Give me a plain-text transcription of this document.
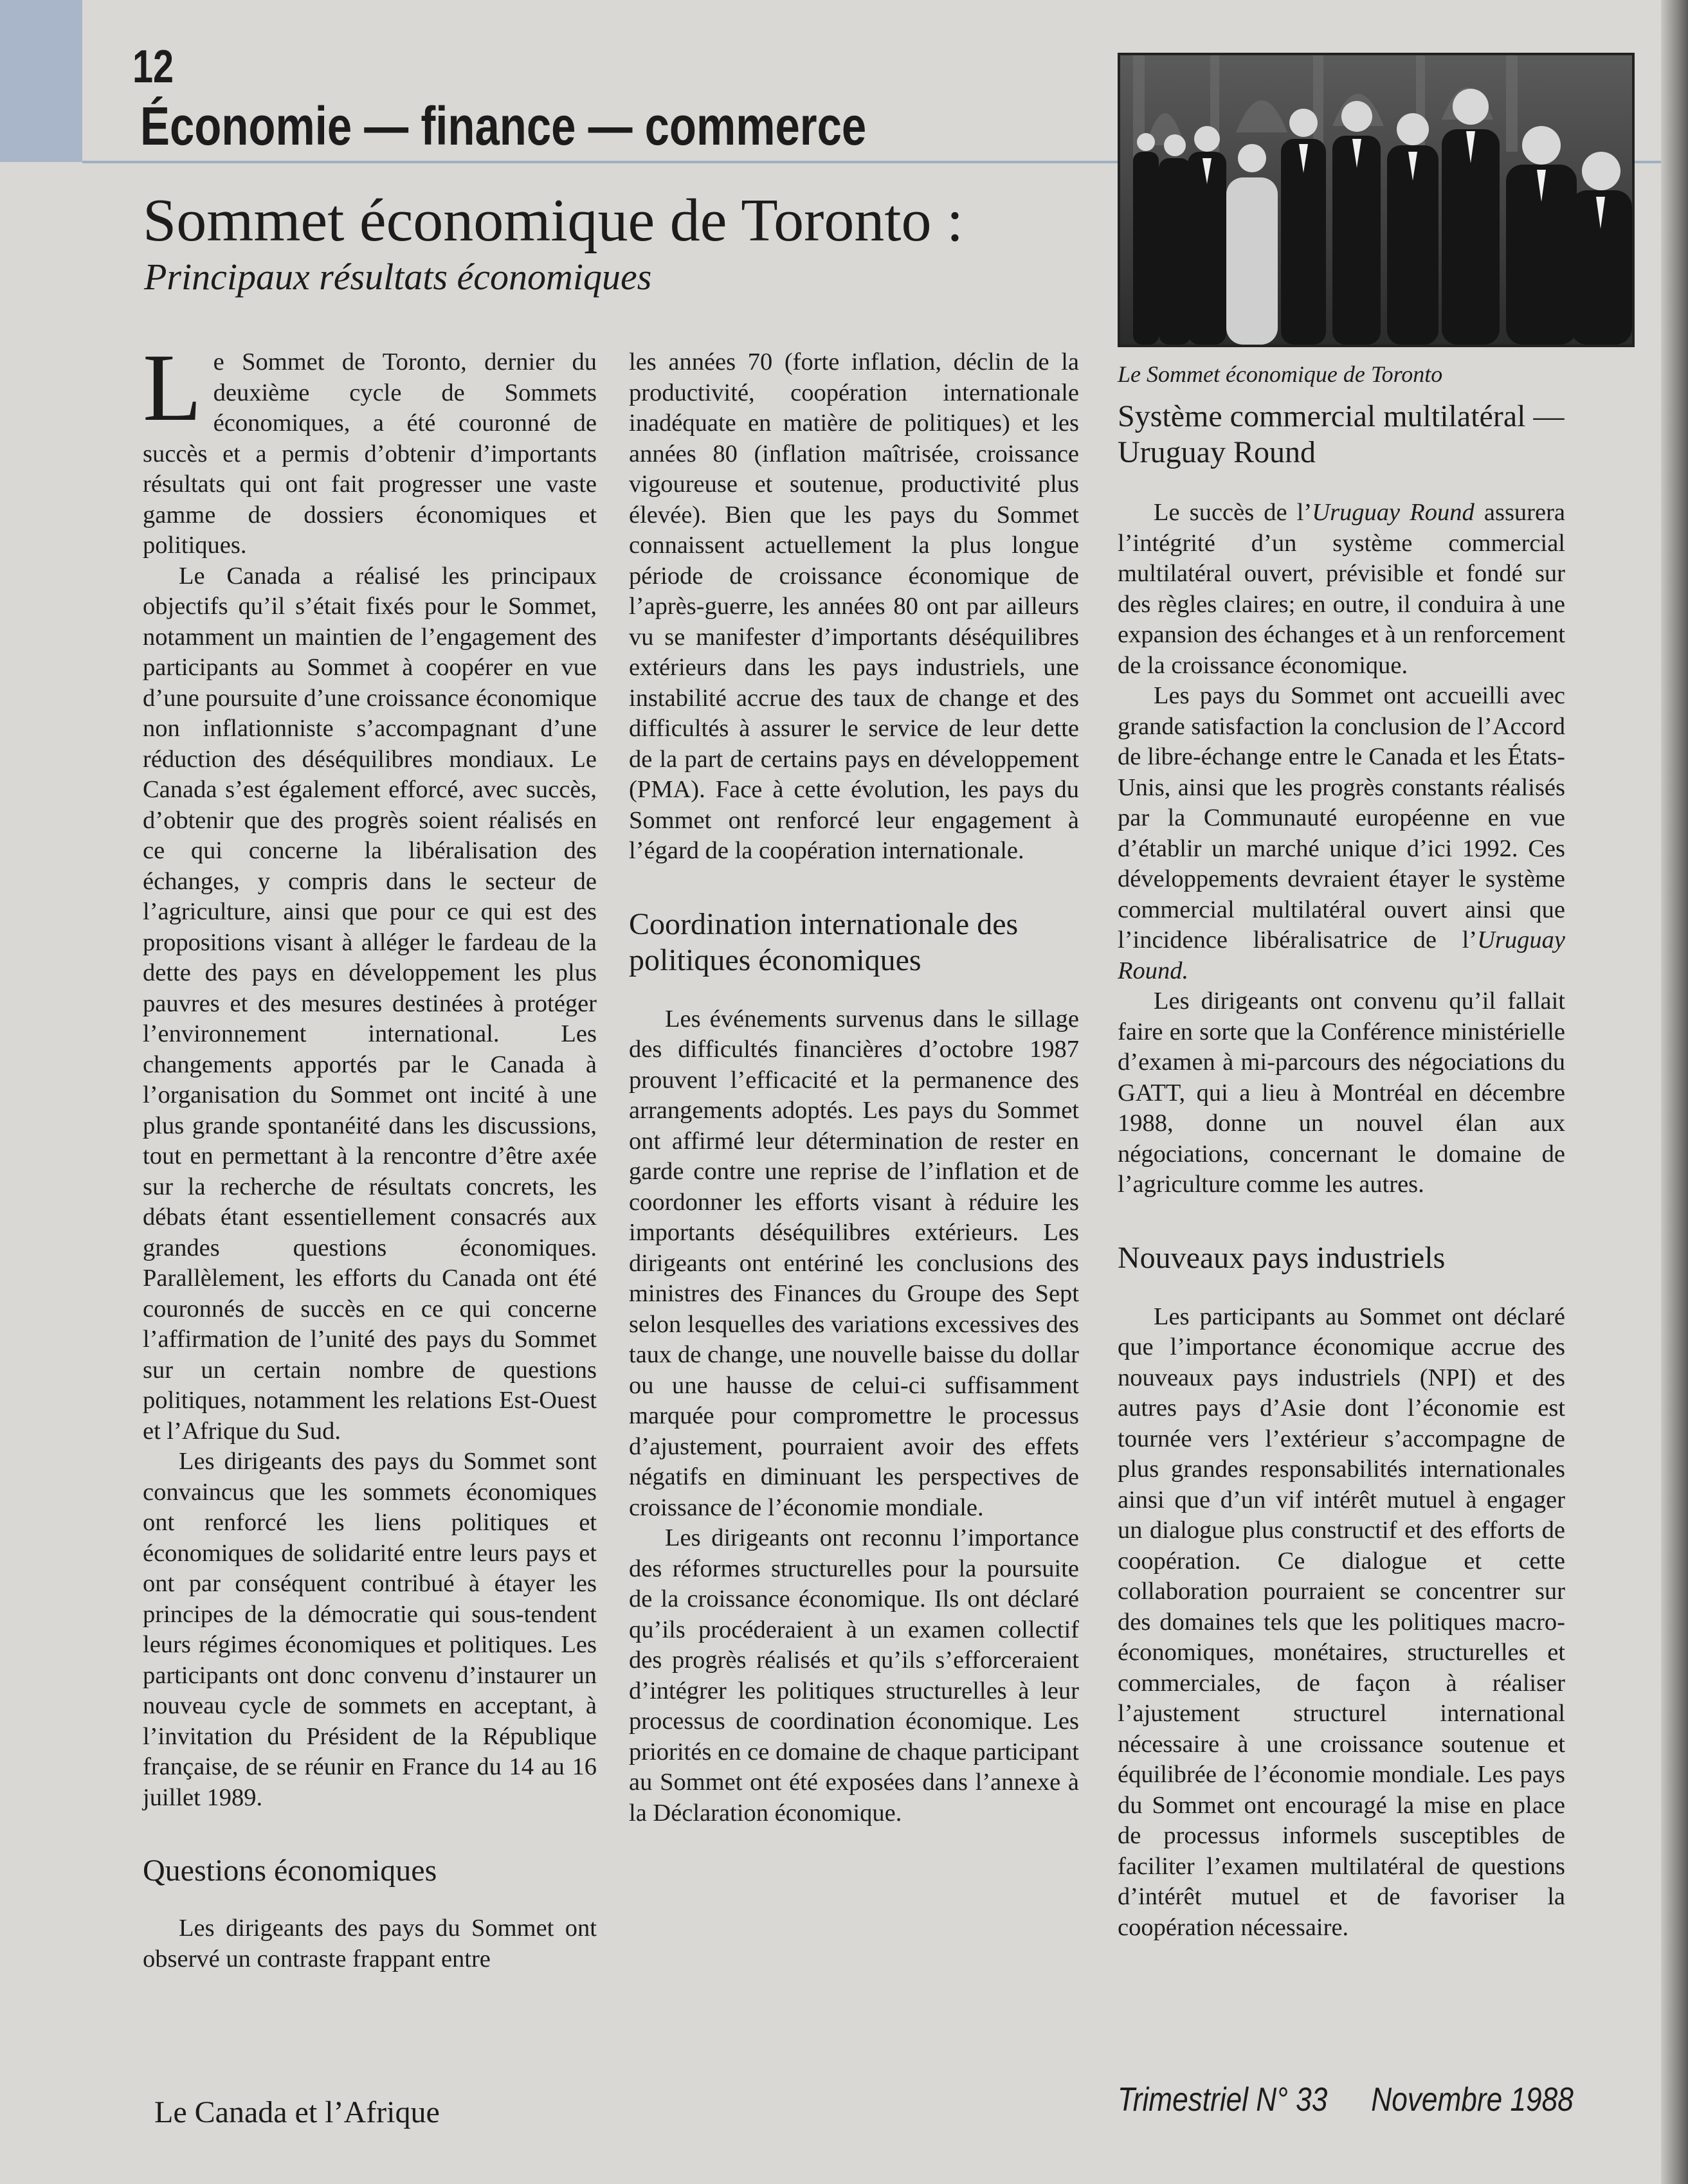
12
Économie — finance — commerce
Sommet économique de Toronto :
Principaux résultats économiques
Le Sommet économique de Toronto

Le Sommet de Toronto, dernier du deuxième cycle de Sommets économiques, a été couronné de succès et a permis d’obtenir d’importants résultats qui ont fait progresser une vaste gamme de dossiers économiques et politiques.

Le Canada a réalisé les principaux objectifs qu’il s’était fixés pour le Sommet, notamment un maintien de l’engagement des participants au Sommet à coopérer en vue d’une poursuite d’une croissance économique non inflationniste s’accompagnant d’une réduction des déséquilibres mondiaux. Le Canada s’est également efforcé, avec succès, d’obtenir que des progrès soient réalisés en ce qui concerne la libéralisation des échanges, y compris dans le secteur de l’agriculture, ainsi que pour ce qui est des propositions visant à alléger le fardeau de la dette des pays en développement les plus pauvres et des mesures destinées à protéger l’environnement international. Les changements apportés par le Canada à l’organisation du Sommet ont incité à une plus grande spontanéité dans les discussions, tout en permettant à la rencontre d’être axée sur la recherche de résultats concrets, les débats étant essentiellement consacrés aux grandes questions économiques. Parallèlement, les efforts du Canada ont été couronnés de succès en ce qui concerne l’affirmation de l’unité des pays du Sommet sur un certain nombre de questions politiques, notamment les relations Est-Ouest et l’Afrique du Sud.

Les dirigeants des pays du Sommet sont convaincus que les sommets économiques ont renforcé les liens politiques et économiques de solidarité entre leurs pays et ont par conséquent contribué à étayer les principes de la démocratie qui sous-tendent leurs régimes économiques et politiques. Les participants ont donc convenu d’instaurer un nouveau cycle de sommets en acceptant, à l’invitation du Président de la République française, de se réunir en France du 14 au 16 juillet 1989.

Questions économiques

Les dirigeants des pays du Sommet ont observé un contraste frappant entre

les années 70 (forte inflation, déclin de la productivité, coopération internationale inadéquate en matière de politiques) et les années 80 (inflation maîtrisée, croissance vigoureuse et soutenue, productivité plus élevée). Bien que les pays du Sommet connaissent actuellement la plus longue période de croissance économique de l’après-guerre, les années 80 ont par ailleurs vu se manifester d’importants déséquilibres extérieurs dans les pays industriels, une instabilité accrue des taux de change et des difficultés à assurer le service de leur dette de la part de certains pays en développement (PMA). Face à cette évolution, les pays du Sommet ont renforcé leur engagement à l’égard de la coopération internationale.

Coordination internationale des politiques économiques

Les événements survenus dans le sillage des difficultés financières d’octobre 1987 prouvent l’efficacité et la permanence des arrangements adoptés. Les pays du Sommet ont affirmé leur détermination de rester en garde contre une reprise de l’inflation et de coordonner les efforts visant à réduire les importants déséquilibres extérieurs. Les dirigeants ont entériné les conclusions des ministres des Finances du Groupe des Sept selon lesquelles des variations excessives des taux de change, une nouvelle baisse du dollar ou une hausse de celui-ci suffisamment marquée pour compromettre le processus d’ajustement, pourraient avoir des effets négatifs en diminuant les perspectives de croissance de l’économie mondiale.

Les dirigeants ont reconnu l’importance des réformes structurelles pour la poursuite de la croissance économique. Ils ont déclaré qu’ils procéderaient à un examen collectif des progrès réalisés et qu’ils s’efforceraient d’intégrer les politiques structurelles à leur processus de coordination économique. Les priorités en ce domaine de chaque participant au Sommet ont été exposées dans l’annexe à la Déclaration économique.

Système commercial multilatéral — Uruguay Round

Le succès de l’Uruguay Round assurera l’intégrité d’un système commercial multilatéral ouvert, prévisible et fondé sur des règles claires; en outre, il conduira à une expansion des échanges et à un renforcement de la croissance économique.

Les pays du Sommet ont accueilli avec grande satisfaction la conclusion de l’Accord de libre-échange entre le Canada et les États-Unis, ainsi que les progrès constants réalisés par la Communauté européenne en vue d’établir un marché unique d’ici 1992. Ces développements devraient étayer le système commercial multilatéral ouvert ainsi que l’incidence libéralisatrice de l’Uruguay Round.

Les dirigeants ont convenu qu’il fallait faire en sorte que la Conférence ministérielle d’examen à mi-parcours des négociations du GATT, qui a lieu à Montréal en décembre 1988, donne un nouvel élan aux négociations, concernant le domaine de l’agriculture comme les autres.

Nouveaux pays industriels

Les participants au Sommet ont déclaré que l’importance économique accrue des nouveaux pays industriels (NPI) et des autres pays d’Asie dont l’économie est tournée vers l’extérieur s’accompagne de plus grandes responsabilités internationales ainsi que d’un vif intérêt mutuel à engager un dialogue plus constructif et des efforts de coopération. Ce dialogue et cette collaboration pourraient se concentrer sur des domaines tels que les politiques macro-économiques, monétaires, structurelles et commerciales, de façon à réaliser l’ajustement structurel international nécessaire à une croissance soutenue et équilibrée de l’économie mondiale. Les pays du Sommet ont encouragé la mise en place de processus informels susceptibles de faciliter l’examen multilatéral de questions d’intérêt mutuel et de favoriser la coopération nécessaire.

Le Canada et l’Afrique	Trimestriel N° 33 Novembre 1988
